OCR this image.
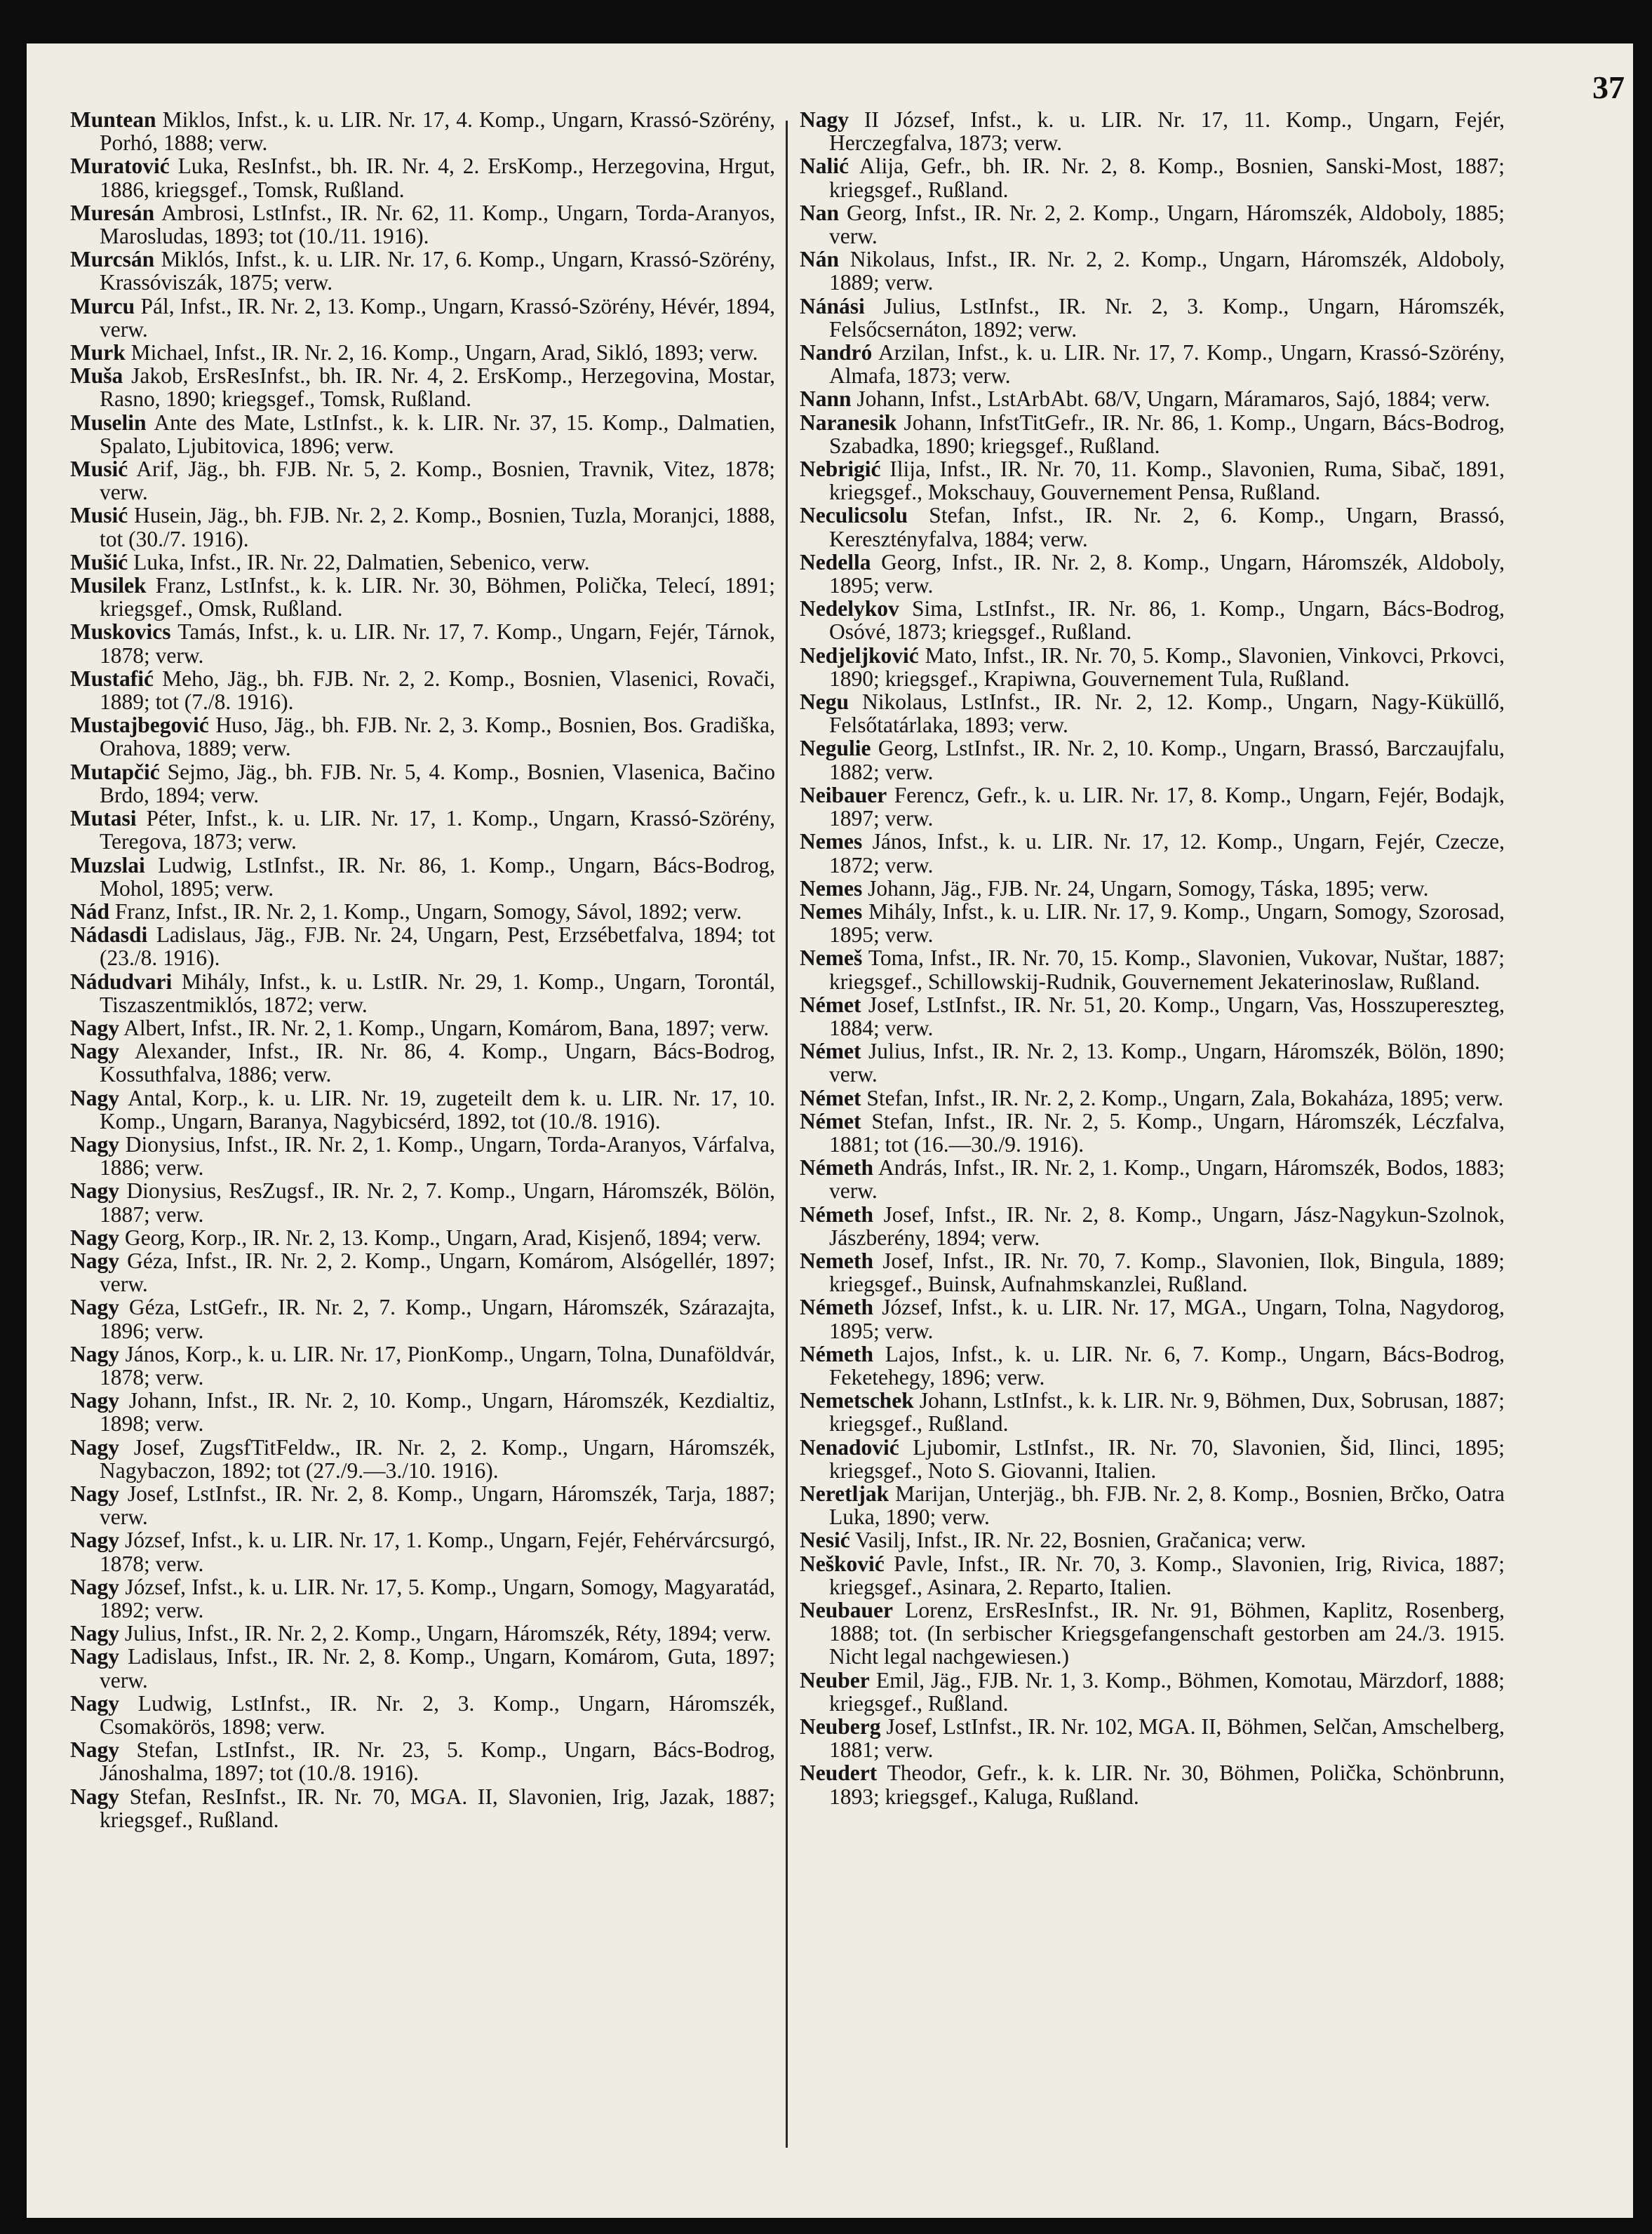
37

Muntean Miklos, Infst., k. u. LIR. Nr. 17, 4. Komp., Ungarn, Krassó-Szörény, Porhó, 1888; verw.

Muratović Luka, ResInfst., bh. IR. Nr. 4, 2. ErsKomp., Herzegovina, Hrgut, 1886, kriegsgef., Tomsk, Rußland.

Muresán Ambrosi, LstInfst., IR. Nr. 62, 11. Komp., Ungarn, Torda-Aranyos, Marosludas, 1893; tot (10./11. 1916).

Murcsán Miklós, Infst., k. u. LIR. Nr. 17, 6. Komp., Ungarn, Krassó-Szörény, Krassóviszák, 1875; verw.

Murcu Pál, Infst., IR. Nr. 2, 13. Komp., Ungarn, Krassó-Szörény, Hévér, 1894, verw.

Murk Michael, Infst., IR. Nr. 2, 16. Komp., Ungarn, Arad, Sikló, 1893; verw.

Muša Jakob, ErsResInfst., bh. IR. Nr. 4, 2. ErsKomp., Herzegovina, Mostar, Rasno, 1890; kriegsgef., Tomsk, Rußland.

Muselin Ante des Mate, LstInfst., k. k. LIR. Nr. 37, 15. Komp., Dalmatien, Spalato, Ljubitovica, 1896; verw.

Musić Arif, Jäg., bh. FJB. Nr. 5, 2. Komp., Bosnien, Travnik, Vitez, 1878; verw.

Musić Husein, Jäg., bh. FJB. Nr. 2, 2. Komp., Bosnien, Tuzla, Moranjci, 1888, tot (30./7. 1916).

Mušić Luka, Infst., IR. Nr. 22, Dalmatien, Sebenico, verw.

Musilek Franz, LstInfst., k. k. LIR. Nr. 30, Böhmen, Polička, Telecí, 1891; kriegsgef., Omsk, Rußland.

Muskovics Tamás, Infst., k. u. LIR. Nr. 17, 7. Komp., Ungarn, Fejér, Tárnok, 1878; verw.

Mustafić Meho, Jäg., bh. FJB. Nr. 2, 2. Komp., Bosnien, Vlasenici, Rovači, 1889; tot (7./8. 1916).

Mustajbegović Huso, Jäg., bh. FJB. Nr. 2, 3. Komp., Bosnien, Bos. Gradiška, Orahova, 1889; verw.

Mutapčić Sejmo, Jäg., bh. FJB. Nr. 5, 4. Komp., Bosnien, Vlasenica, Bačino Brdo, 1894; verw.

Mutasi Péter, Infst., k. u. LIR. Nr. 17, 1. Komp., Ungarn, Krassó-Szörény, Teregova, 1873; verw.

Muzslai Ludwig, LstInfst., IR. Nr. 86, 1. Komp., Ungarn, Bács-Bodrog, Mohol, 1895; verw.

Nád Franz, Infst., IR. Nr. 2, 1. Komp., Ungarn, Somogy, Sávol, 1892; verw.

Nádasdi Ladislaus, Jäg., FJB. Nr. 24, Ungarn, Pest, Erzsébetfalva, 1894; tot (23./8. 1916).

Nádudvari Mihály, Infst., k. u. LstIR. Nr. 29, 1. Komp., Ungarn, Torontál, Tiszaszentmiklós, 1872; verw.

Nagy Albert, Infst., IR. Nr. 2, 1. Komp., Ungarn, Komárom, Bana, 1897; verw.

Nagy Alexander, Infst., IR. Nr. 86, 4. Komp., Ungarn, Bács-Bodrog, Kossuthfalva, 1886; verw.

Nagy Antal, Korp., k. u. LIR. Nr. 19, zugeteilt dem k. u. LIR. Nr. 17, 10. Komp., Ungarn, Baranya, Nagybicsérd, 1892, tot (10./8. 1916).

Nagy Dionysius, Infst., IR. Nr. 2, 1. Komp., Ungarn, Torda-Aranyos, Várfalva, 1886; verw.

Nagy Dionysius, ResZugsf., IR. Nr. 2, 7. Komp., Ungarn, Háromszék, Bölön, 1887; verw.

Nagy Georg, Korp., IR. Nr. 2, 13. Komp., Ungarn, Arad, Kisjenő, 1894; verw.

Nagy Géza, Infst., IR. Nr. 2, 2. Komp., Ungarn, Komárom, Alsógellér, 1897; verw.

Nagy Géza, LstGefr., IR. Nr. 2, 7. Komp., Ungarn, Háromszék, Szárazajta, 1896; verw.

Nagy János, Korp., k. u. LIR. Nr. 17, PionKomp., Ungarn, Tolna, Dunaföldvár, 1878; verw.

Nagy Johann, Infst., IR. Nr. 2, 10. Komp., Ungarn, Háromszék, Kezdialtiz, 1898; verw.

Nagy Josef, ZugsfTitFeldw., IR. Nr. 2, 2. Komp., Ungarn, Háromszék, Nagybaczon, 1892; tot (27./9.—3./10. 1916).

Nagy Josef, LstInfst., IR. Nr. 2, 8. Komp., Ungarn, Háromszék, Tarja, 1887; verw.

Nagy József, Infst., k. u. LIR. Nr. 17, 1. Komp., Ungarn, Fejér, Fehérvárcsurgó, 1878; verw.

Nagy József, Infst., k. u. LIR. Nr. 17, 5. Komp., Ungarn, Somogy, Magyaratád, 1892; verw.

Nagy Julius, Infst., IR. Nr. 2, 2. Komp., Ungarn, Háromszék, Réty, 1894; verw.

Nagy Ladislaus, Infst., IR. Nr. 2, 8. Komp., Ungarn, Komárom, Guta, 1897; verw.

Nagy Ludwig, LstInfst., IR. Nr. 2, 3. Komp., Ungarn, Háromszék, Csomakörös, 1898; verw.

Nagy Stefan, LstInfst., IR. Nr. 23, 5. Komp., Ungarn, Bács-Bodrog, Jánoshalma, 1897; tot (10./8. 1916).

Nagy Stefan, ResInfst., IR. Nr. 70, MGA. II, Slavonien, Irig, Jazak, 1887; kriegsgef., Rußland.

Nagy II József, Infst., k. u. LIR. Nr. 17, 11. Komp., Ungarn, Fejér, Herczegfalva, 1873; verw.

Nalić Alija, Gefr., bh. IR. Nr. 2, 8. Komp., Bosnien, Sanski-Most, 1887; kriegsgef., Rußland.

Nan Georg, Infst., IR. Nr. 2, 2. Komp., Ungarn, Háromszék, Aldoboly, 1885; verw.

Nán Nikolaus, Infst., IR. Nr. 2, 2. Komp., Ungarn, Háromszék, Aldoboly, 1889; verw.

Nánási Julius, LstInfst., IR. Nr. 2, 3. Komp., Ungarn, Háromszék, Felsőcsernáton, 1892; verw.

Nandró Arzilan, Infst., k. u. LIR. Nr. 17, 7. Komp., Ungarn, Krassó-Szörény, Almafa, 1873; verw.

Nann Johann, Infst., LstArbAbt. 68/V, Ungarn, Máramaros, Sajó, 1884; verw.

Naranesik Johann, InfstTitGefr., IR. Nr. 86, 1. Komp., Ungarn, Bács-Bodrog, Szabadka, 1890; kriegsgef., Rußland.

Nebrigić Ilija, Infst., IR. Nr. 70, 11. Komp., Slavonien, Ruma, Sibač, 1891, kriegsgef., Mokschauy, Gouvernement Pensa, Rußland.

Neculicsolu Stefan, Infst., IR. Nr. 2, 6. Komp., Ungarn, Brassó, Keresztényfalva, 1884; verw.

Nedella Georg, Infst., IR. Nr. 2, 8. Komp., Ungarn, Háromszék, Aldoboly, 1895; verw.

Nedelykov Sima, LstInfst., IR. Nr. 86, 1. Komp., Ungarn, Bács-Bodrog, Osóvé, 1873; kriegsgef., Rußland.

Nedjeljković Mato, Infst., IR. Nr. 70, 5. Komp., Slavonien, Vinkovci, Prkovci, 1890; kriegsgef., Krapiwna, Gouvernement Tula, Rußland.

Negu Nikolaus, LstInfst., IR. Nr. 2, 12. Komp., Ungarn, Nagy-Küküllő, Felsőtatárlaka, 1893; verw.

Negulie Georg, LstInfst., IR. Nr. 2, 10. Komp., Ungarn, Brassó, Barczaujfalu, 1882; verw.

Neibauer Ferencz, Gefr., k. u. LIR. Nr. 17, 8. Komp., Ungarn, Fejér, Bodajk, 1897; verw.

Nemes János, Infst., k. u. LIR. Nr. 17, 12. Komp., Ungarn, Fejér, Czecze, 1872; verw.

Nemes Johann, Jäg., FJB. Nr. 24, Ungarn, Somogy, Táska, 1895; verw.

Nemes Mihály, Infst., k. u. LIR. Nr. 17, 9. Komp., Ungarn, Somogy, Szorosad, 1895; verw.

Nemeš Toma, Infst., IR. Nr. 70, 15. Komp., Slavonien, Vukovar, Nuštar, 1887; kriegsgef., Schillowskij-Rudnik, Gouvernement Jekaterinoslaw, Rußland.

Német Josef, LstInfst., IR. Nr. 51, 20. Komp., Ungarn, Vas, Hosszupereszteg, 1884; verw.

Német Julius, Infst., IR. Nr. 2, 13. Komp., Ungarn, Háromszék, Bölön, 1890; verw.

Német Stefan, Infst., IR. Nr. 2, 2. Komp., Ungarn, Zala, Bokaháza, 1895; verw.

Német Stefan, Infst., IR. Nr. 2, 5. Komp., Ungarn, Háromszék, Léczfalva, 1881; tot (16.—30./9. 1916).

Németh András, Infst., IR. Nr. 2, 1. Komp., Ungarn, Háromszék, Bodos, 1883; verw.

Németh Josef, Infst., IR. Nr. 2, 8. Komp., Ungarn, Jász-Nagykun-Szolnok, Jászberény, 1894; verw.

Nemeth Josef, Infst., IR. Nr. 70, 7. Komp., Slavonien, Ilok, Bingula, 1889; kriegsgef., Buinsk, Aufnahmskanzlei, Rußland.

Németh József, Infst., k. u. LIR. Nr. 17, MGA., Ungarn, Tolna, Nagydorog, 1895; verw.

Németh Lajos, Infst., k. u. LIR. Nr. 6, 7. Komp., Ungarn, Bács-Bodrog, Feketehegy, 1896; verw.

Nemetschek Johann, LstInfst., k. k. LIR. Nr. 9, Böhmen, Dux, Sobrusan, 1887; kriegsgef., Rußland.

Nenadović Ljubomir, LstInfst., IR. Nr. 70, Slavonien, Šid, Ilinci, 1895; kriegsgef., Noto S. Giovanni, Italien.

Neretljak Marijan, Unterjäg., bh. FJB. Nr. 2, 8. Komp., Bosnien, Brčko, Oatra Luka, 1890; verw.

Nesić Vasilj, Infst., IR. Nr. 22, Bosnien, Gračanica; verw.

Nešković Pavle, Infst., IR. Nr. 70, 3. Komp., Slavonien, Irig, Rivica, 1887; kriegsgef., Asinara, 2. Reparto, Italien.

Neubauer Lorenz, ErsResInfst., IR. Nr. 91, Böhmen, Kaplitz, Rosenberg, 1888; tot. (In serbischer Kriegsgefangenschaft gestorben am 24./3. 1915. Nicht legal nachgewiesen.)

Neuber Emil, Jäg., FJB. Nr. 1, 3. Komp., Böhmen, Komotau, Märzdorf, 1888; kriegsgef., Rußland.

Neuberg Josef, LstInfst., IR. Nr. 102, MGA. II, Böhmen, Selčan, Amschelberg, 1881; verw.

Neudert Theodor, Gefr., k. k. LIR. Nr. 30, Böhmen, Polička, Schönbrunn, 1893; kriegsgef., Kaluga, Rußland.
